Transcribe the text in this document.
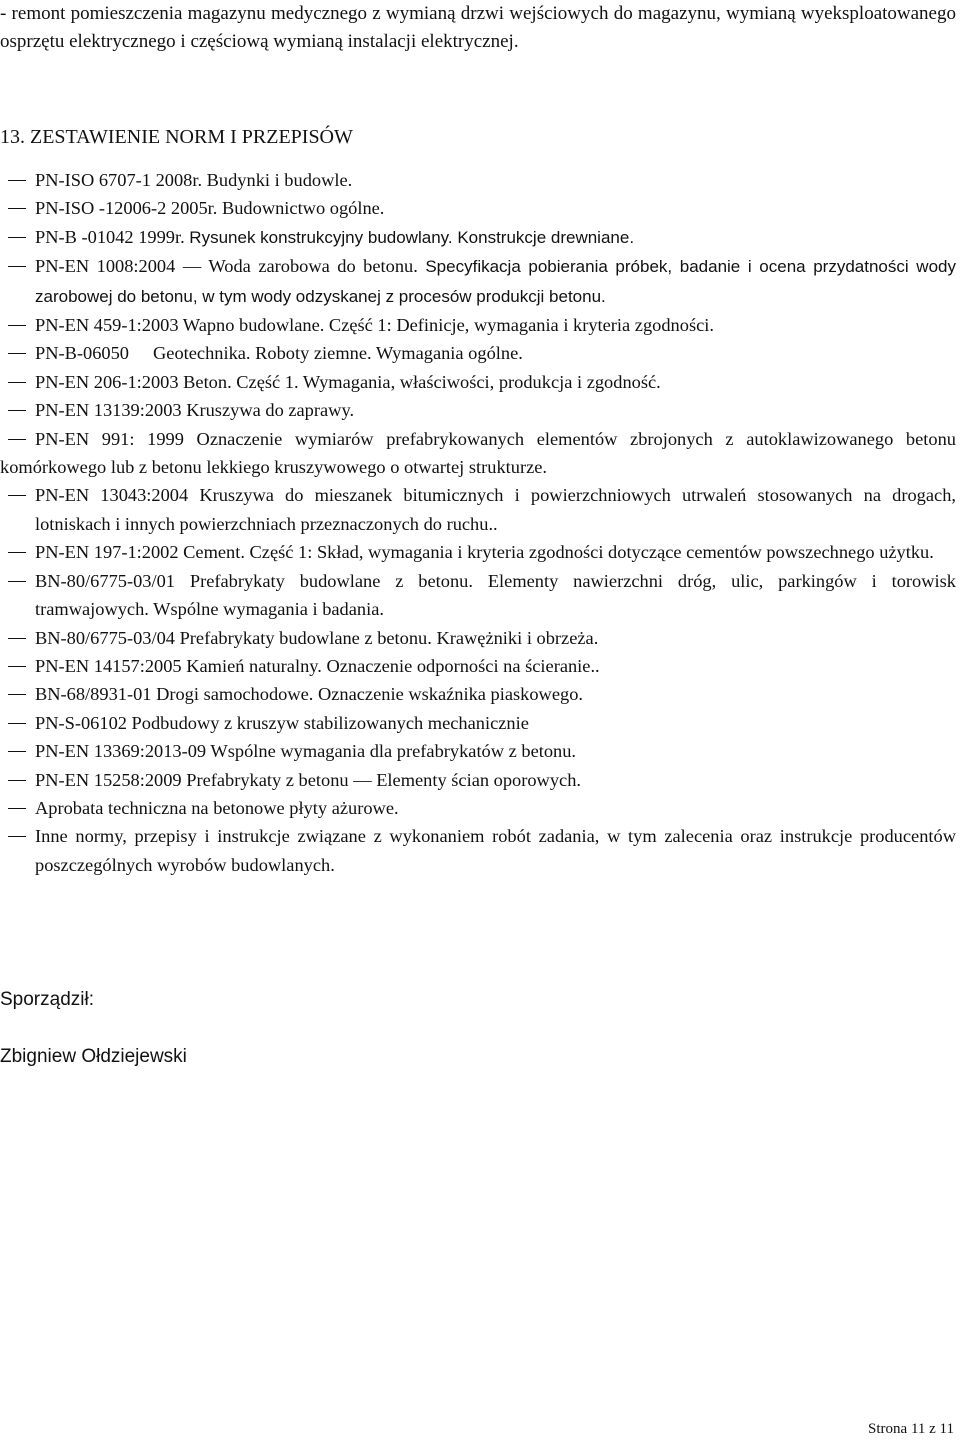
- remont pomieszczenia magazynu medycznego z wymianą drzwi wejściowych do magazynu, wymianą wyeksploatowanego osprzętu elektrycznego i częściową wymianą instalacji elektrycznej.

13. ZESTAWIENIE NORM I PRZEPISÓW
PN-ISO 6707-1 2008r. Budynki i budowle.
PN-ISO -12006-2 2005r. Budownictwo ogólne.
PN-B -01042 1999r. Rysunek konstrukcyjny budowlany. Konstrukcje drewniane.
PN-EN 1008:2004 ― Woda zarobowa do betonu. Specyfikacja pobierania próbek, badanie i ocena przydatności wody zarobowej do betonu, w tym wody odzyskanej z procesów produkcji betonu.
PN-EN 459-1:2003 Wapno budowlane. Część 1: Definicje, wymagania i kryteria zgodności.
PN-B-06050 Geotechnika. Roboty ziemne. Wymagania ogólne.
PN-EN 206-1:2003 Beton. Część 1. Wymagania, właściwości, produkcja i zgodność.
PN-EN 13139:2003 Kruszywa do zaprawy.
PN-EN 991: 1999 Oznaczenie wymiarów prefabrykowanych elementów zbrojonych z autoklawizowanego betonu komórkowego lub z betonu lekkiego kruszywowego o otwartej strukturze.
PN-EN 13043:2004 Kruszywa do mieszanek bitumicznych i powierzchniowych utrwaleń stosowanych na drogach, lotniskach i innych powierzchniach przeznaczonych do ruchu..
PN-EN 197-1:2002 Cement. Część 1: Skład, wymagania i kryteria zgodności dotyczące cementów powszechnego użytku.
BN-80/6775-03/01 Prefabrykaty budowlane z betonu. Elementy nawierzchni dróg, ulic, parkingów i torowisk tramwajowych. Wspólne wymagania i badania.
BN-80/6775-03/04 Prefabrykaty budowlane z betonu. Krawężniki i obrzeża.
PN-EN 14157:2005 Kamień naturalny. Oznaczenie odporności na ścieranie..
BN-68/8931-01 Drogi samochodowe. Oznaczenie wskaźnika piaskowego.
PN-S-06102 Podbudowy z kruszyw stabilizowanych mechanicznie
PN-EN 13369:2013-09 Wspólne wymagania dla prefabrykatów z betonu.
PN-EN 15258:2009 Prefabrykaty z betonu ― Elementy ścian oporowych.
Aprobata techniczna na betonowe płyty ażurowe.
Inne normy, przepisy i instrukcje związane z wykonaniem robót zadania, w tym zalecenia oraz instrukcje producentów poszczególnych wyrobów budowlanych.

Sporządził:

Zbigniew Ołdziejewski

Strona 11 z 11
